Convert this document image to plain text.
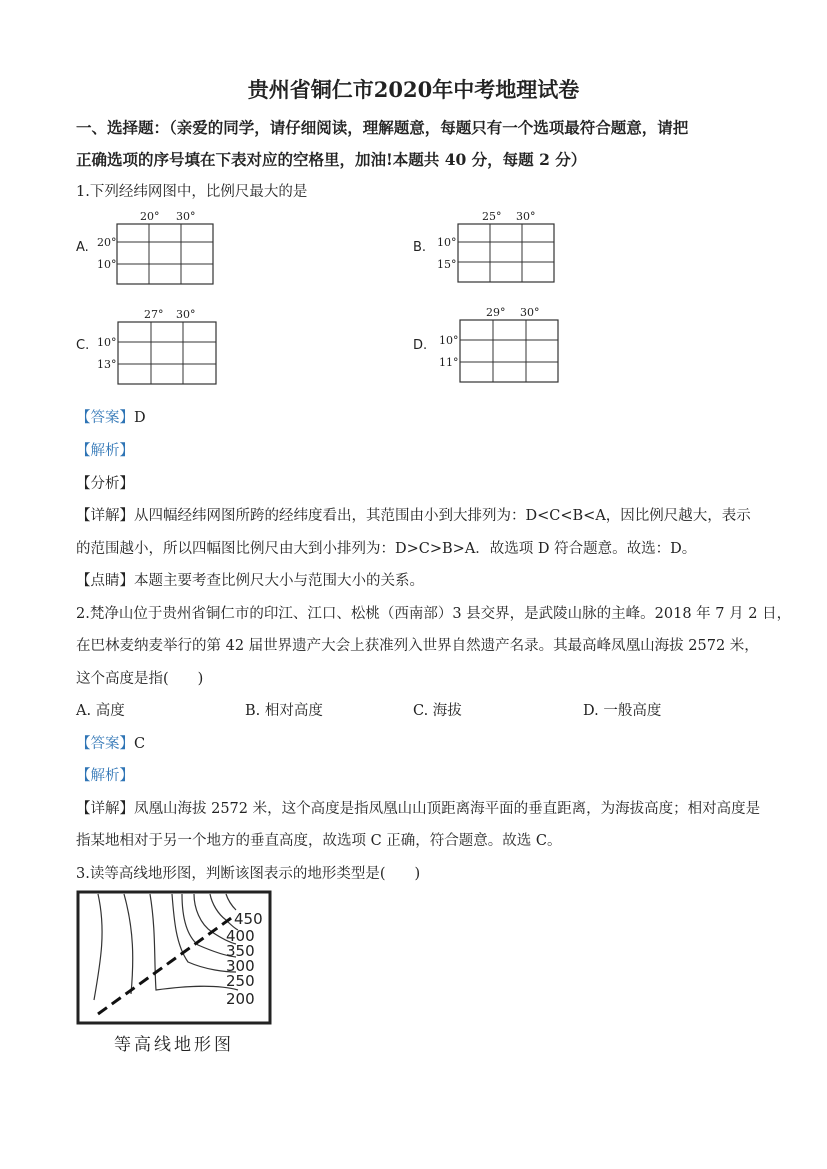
贵州省铜仁市2020年中考地理试卷
一、选择题：（亲爱的同学，请仔细阅读，理解题意，每题只有一个选项最符合题意，请把
正确选项的序号填在下表对应的空格里，加油!本题共 40 分，每题 2 分）
1.下列经纬网图中，比例尺最大的是
A.
20° 30°
20°
10°
B.
25° 30°
10°
15°
C.
27° 30°
10°
13°
D.
29° 30°
10°
11°
【答案】D
【解析】
【分析】
【详解】从四幅经纬网图所跨的经纬度看出，其范围由小到大排列为：D<C<B<A，因比例尺越大，表示
的范围越小，所以四幅图比例尺由大到小排列为：D>C>B>A．故选项 D 符合题意。故选：D。
【点睛】本题主要考查比例尺大小与范围大小的关系。
2.梵净山位于贵州省铜仁市的印江、江口、松桃（西南部）3 县交界，是武陵山脉的主峰。2018 年 7 月 2 日，
在巴林麦纳麦举行的第 42 届世界遗产大会上获准列入世界自然遗产名录。其最高峰凤凰山海拔 2572 米，
这个高度是指(　　)
A. 高度	B. 相对高度	C. 海拔	D. 一般高度
【答案】C
【解析】
【详解】凤凰山海拔 2572 米，这个高度是指凤凰山山顶距离海平面的垂直距离，为海拔高度；相对高度是
指某地相对于另一个地方的垂直高度，故选项 C 正确，符合题意。故选 C。
3.读等高线地形图，判断该图表示的地形类型是(　　)
450
400
350
300
250
200
等高线地形图
